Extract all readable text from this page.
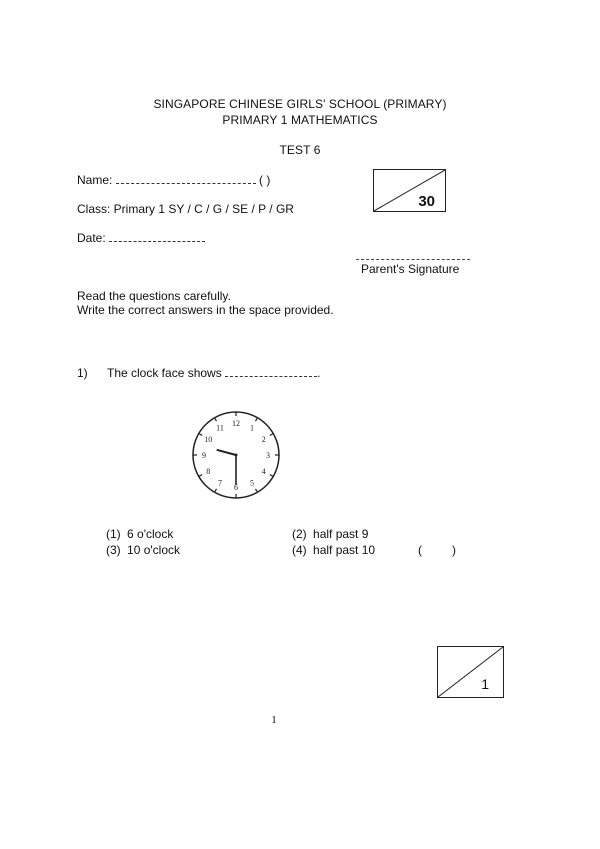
SINGAPORE CHINESE GIRLS' SCHOOL (PRIMARY)
PRIMARY 1 MATHEMATICS
TEST 6
Name:	( )
Class: Primary 1 SY / C / G / SE / P / GR
Date:
30
Parent's Signature
Read the questions carefully.
Write the correct answers in the space provided.
1) The clock face shows	.
12 1
2
3
4
5
6
7
8
9
10
11
(1) 6 o'clock	(2) half past 9
(3) 10 o'clock	(4) half past 10	(         )
1
1
